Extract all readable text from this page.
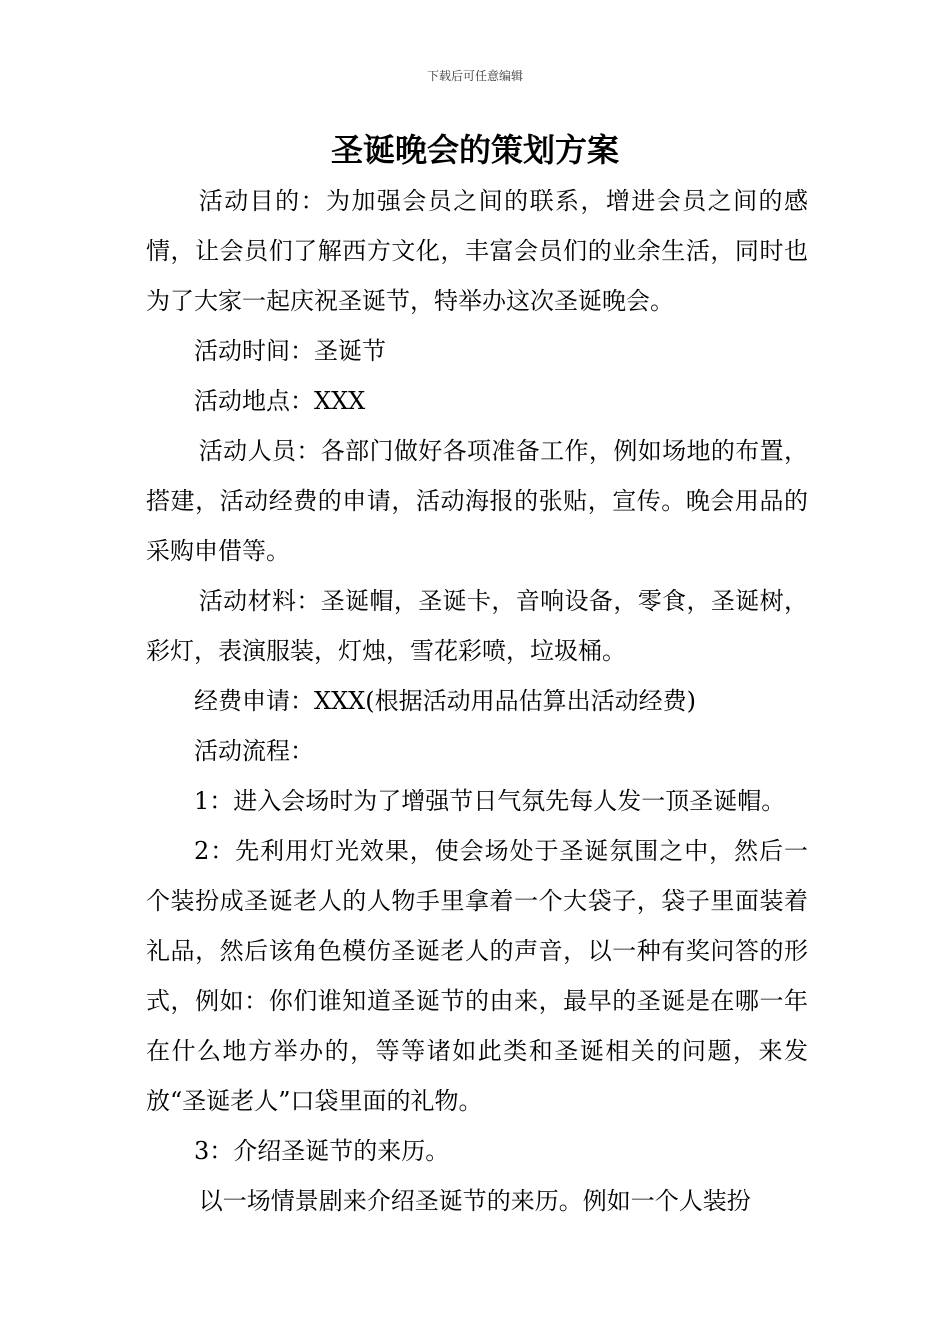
下载后可任意编辑
圣诞晚会的策划方案

活动目的：为加强会员之间的联系，增进会员之间的感情，让会员们了解西方文化，丰富会员们的业余生活，同时也为了大家一起庆祝圣诞节，特举办这次圣诞晚会。

活动时间：圣诞节

活动地点：XXX

活动人员：各部门做好各项准备工作，例如场地的布置，搭建，活动经费的申请，活动海报的张贴，宣传。晚会用品的采购申借等。

活动材料：圣诞帽，圣诞卡，音响设备，零食，圣诞树，彩灯，表演服装，灯烛，雪花彩喷，垃圾桶。

经费申请：XXX(根据活动用品估算出活动经费)

活动流程：

1：进入会场时为了增强节日气氛先每人发一顶圣诞帽。

2：先利用灯光效果，使会场处于圣诞氛围之中，然后一个装扮成圣诞老人的人物手里拿着一个大袋子，袋子里面装着礼品，然后该角色模仿圣诞老人的声音，以一种有奖问答的形式，例如：你们谁知道圣诞节的由来，最早的圣诞是在哪一年在什么地方举办的，等等诸如此类和圣诞相关的问题，来发放“圣诞老人”口袋里面的礼物。

3：介绍圣诞节的来历。

以一场情景剧来介绍圣诞节的来历。例如一个人装扮
